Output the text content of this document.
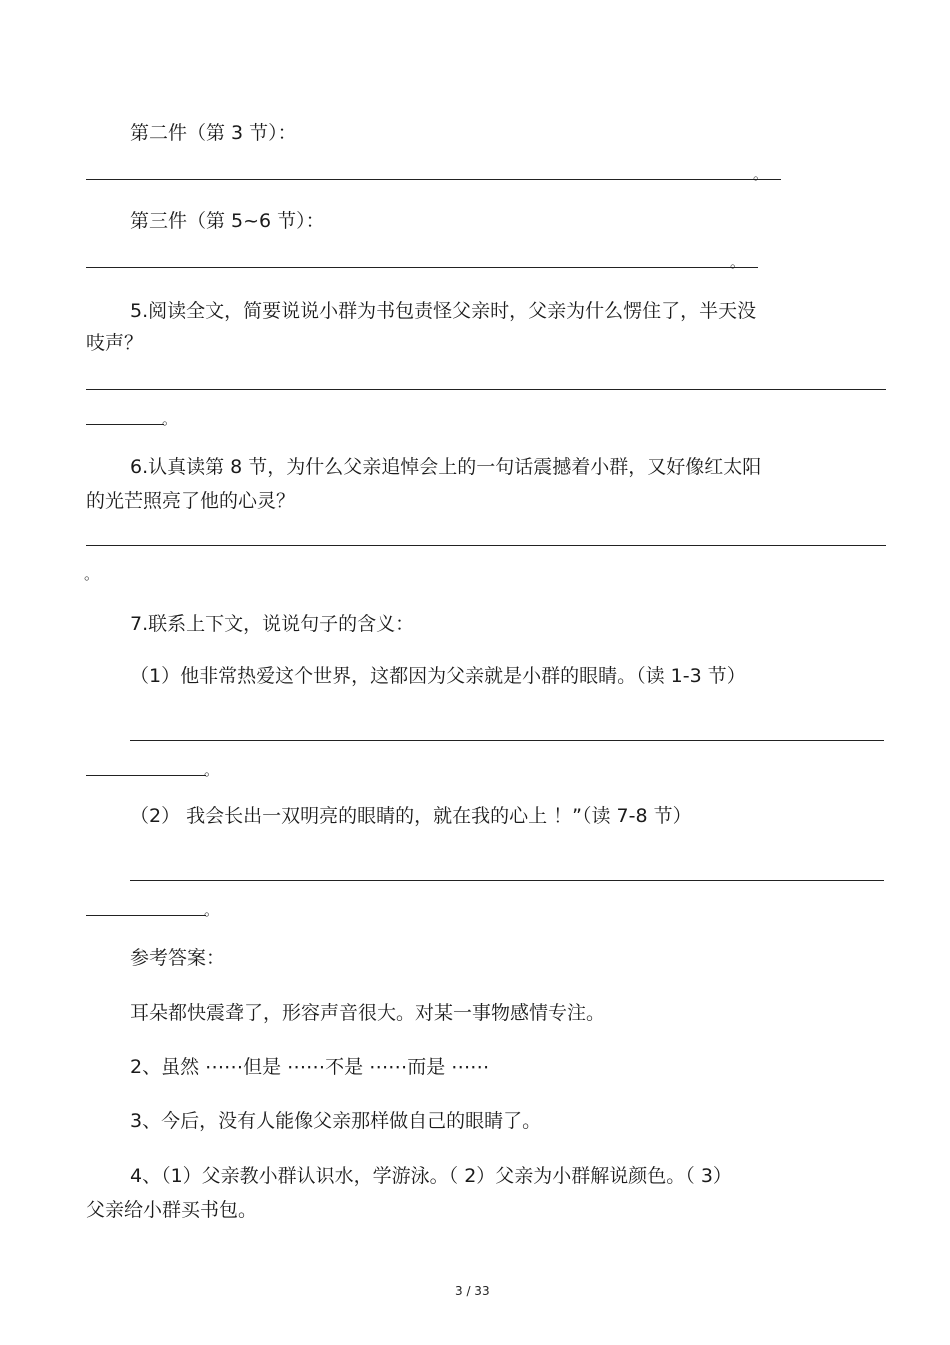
第二件（第 3 节）：
。
第三件（第 5~6 节）：
。
5.阅读全文，简要说说小群为书包责怪父亲时，父亲为什么愣住了，半天没
吱声？
。
6.认真读第 8 节，为什么父亲追悼会上的一句话震撼着小群，又好像红太阳
的光芒照亮了他的心灵？
。
7.联系上下文，说说句子的含义：
（1）他非常热爱这个世界，这都因为父亲就是小群的眼睛。（读 1-3 节）
。
（2） 我会长出一双明亮的眼睛的，就在我的心上 ！”（读 7-8 节）
。
参考答案：
耳朵都快震聋了，形容声音很大。对某一事物感情专注。
2、虽然 ⋯⋯但是 ⋯⋯不是 ⋯⋯而是 ⋯⋯
3、今后，没有人能像父亲那样做自己的眼睛了。
4、（1）父亲教小群认识水，学游泳。（ 2）父亲为小群解说颜色。（ 3）
父亲给小群买书包。
3 / 33
